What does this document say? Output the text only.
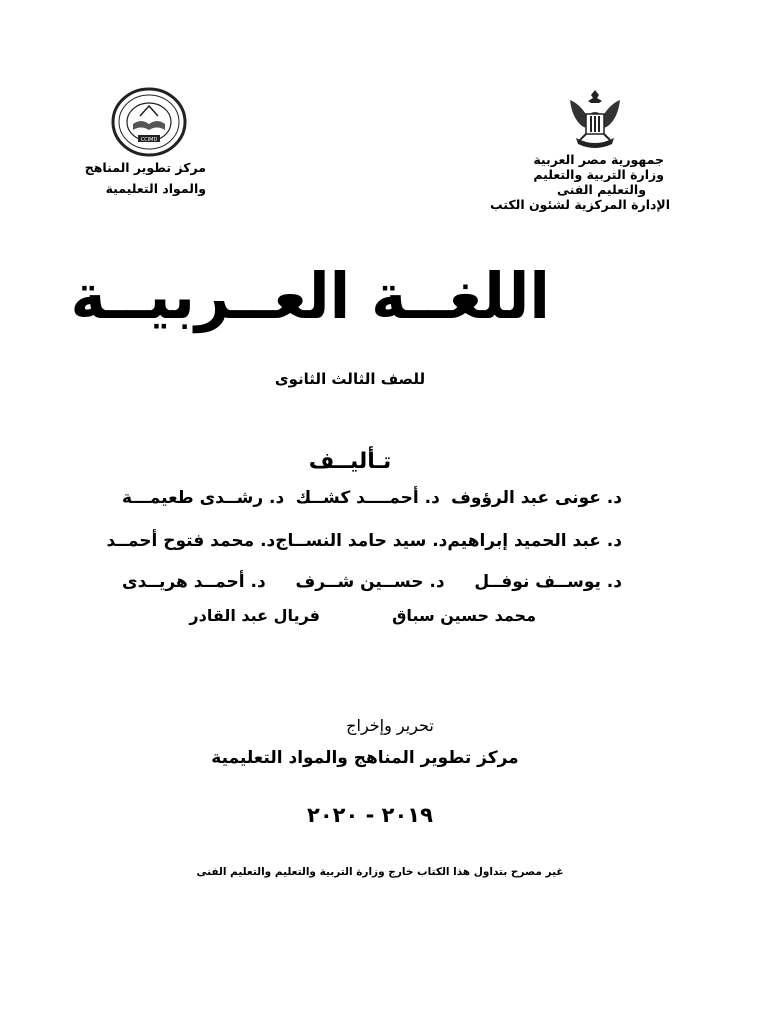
جمهورية مصر العربية
وزارة التربية والتعليم
والتعليم الفنى
الإدارة المركزية لشئون الكتب
CCIMD
مركز تطوير المناهج
والمواد التعليمية
اللغــة العــربيــة
للصف الثالث الثانوى
تـأليــف
د. عونى عبد الرؤوف
د. أحمــــد كشــك
د. رشــدى طعيمـــة
د. عبد الحميد إبراهيم
د. سيد حامد النســاج
د. محمد فتوح أحمــد
د. يوســف نوفــل
د. حســين شــرف
د. أحمــد هريــدى
محمد حسين سباق
فريال عبد القادر
تحرير وإخراج
مركز تطوير المناهج والمواد التعليمية
٢٠١٩ - ٢٠٢٠
غير مصرح بتداول هذا الكتاب خارج وزارة التربية والتعليم والتعليم الفنى
